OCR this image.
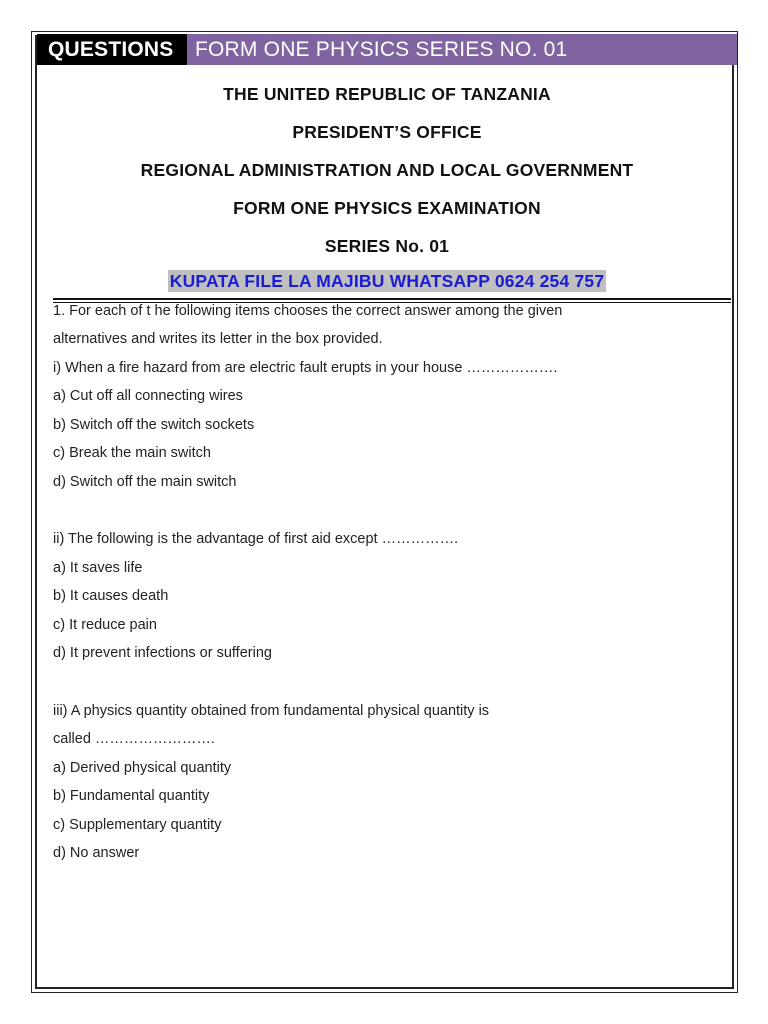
QUESTIONS	FORM ONE PHYSICS SERIES NO. 01
THE UNITED REPUBLIC OF TANZANIA
PRESIDENT’S OFFICE
REGIONAL ADMINISTRATION AND LOCAL GOVERNMENT
FORM ONE PHYSICS EXAMINATION
SERIES No. 01
KUPATA FILE LA MAJIBU WHATSAPP 0624 254 757
1. For each of t he following items chooses the correct answer among the given
alternatives and writes its letter in the box provided.
i) When a fire hazard from are electric fault erupts in your house ……………….
a) Cut off all connecting wires
b) Switch off the switch sockets
c) Break the main switch
d) Switch off the main switch
ii) The following is the advantage of first aid except …………….
a) It saves life
b) It causes death
c) It reduce pain
d) It prevent infections or suffering
iii) A physics quantity obtained from fundamental physical quantity is
called …………………….
a) Derived physical quantity
b) Fundamental quantity
c) Supplementary quantity
d) No answer
